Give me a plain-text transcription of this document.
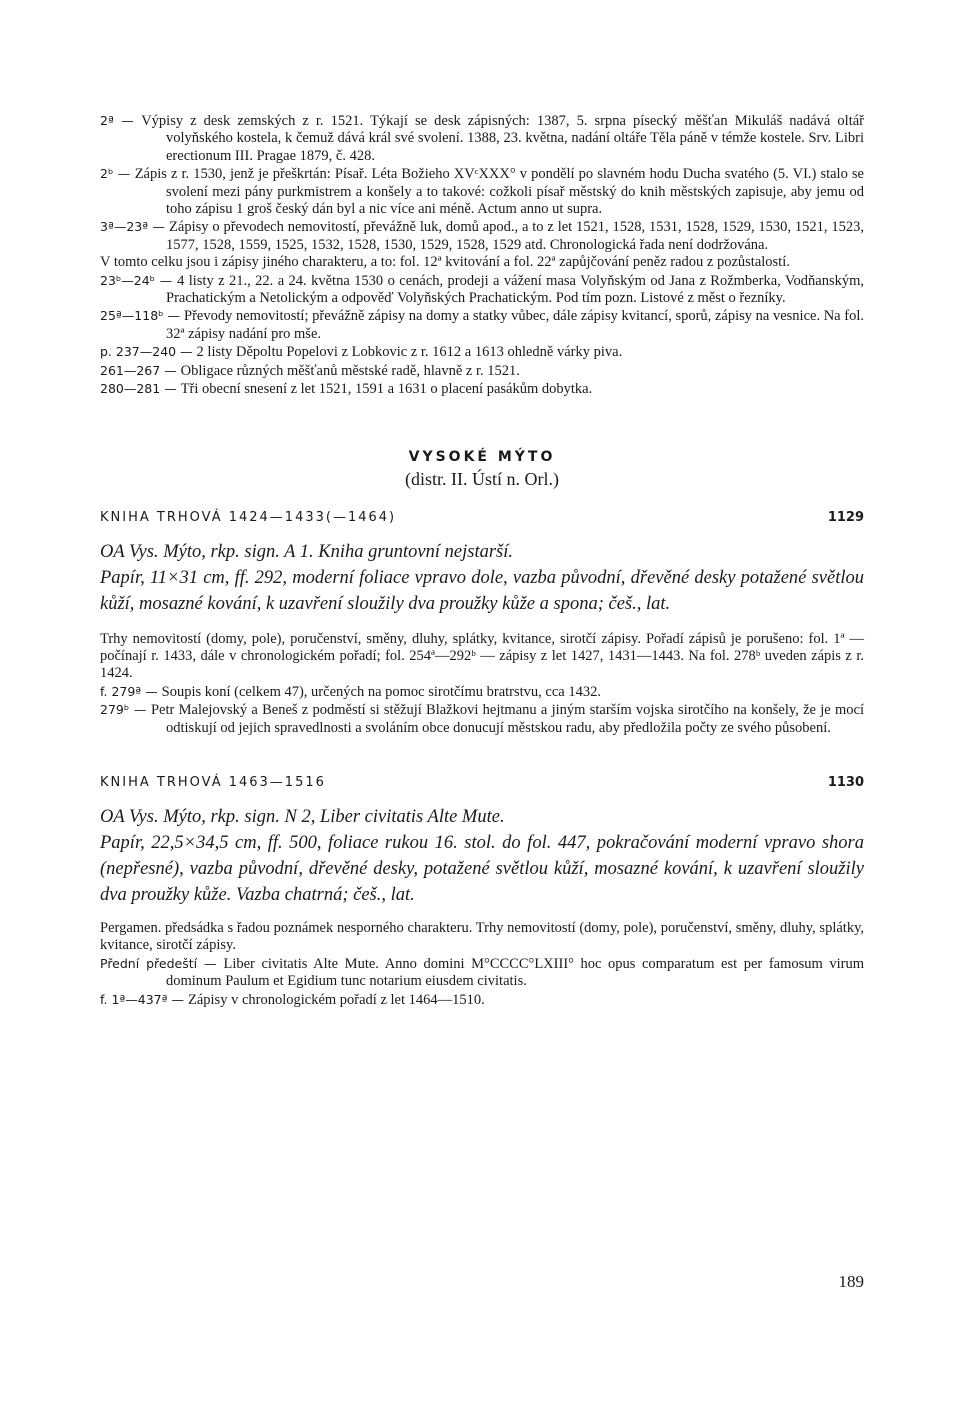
2ª — Výpisy z desk zemských z r. 1521. Týkají se desk zápisných: 1387, 5. srpna písecký měšťan Mikuláš nadává oltář volyňského kostela, k čemuž dává král své svolení. 1388, 23. května, nadání oltáře Těla páně v témže kostele. Srv. Libri erectionum III. Pragae 1879, č. 428.

2ᵇ — Zápis z r. 1530, jenž je přeškrtán: Písař. Léta Božieho XVᶜXXX° v pondělí po slavném hodu Ducha svatého (5. VI.) stalo se svolení mezi pány purkmistrem a konšely a to takové: cožkoli písař městský do knih městských zapisuje, aby jemu od toho zápisu 1 groš český dán byl a nic více ani méně. Actum anno ut supra.

3ª—23ª — Zápisy o převodech nemovitostí, převážně luk, domů apod., a to z let 1521, 1528, 1531, 1528, 1529, 1530, 1521, 1523, 1577, 1528, 1559, 1525, 1532, 1528, 1530, 1529, 1528, 1529 atd. Chronologická řada není dodržována.

V tomto celku jsou i zápisy jiného charakteru, a to: fol. 12ª kvitování a fol. 22ª zapůjčování peněz radou z pozůstalostí.

23ᵇ—24ᵇ — 4 listy z 21., 22. a 24. května 1530 o cenách, prodeji a vážení masa Volyňským od Jana z Rožmberka, Vodňanským, Prachatickým a Netolickým a odpověď Volyňských Prachatickým. Pod tím pozn. Listové z měst o řezníky.

25ª—118ᵇ — Převody nemovitostí; převážně zápisy na domy a statky vůbec, dále zápisy kvitancí, sporů, zápisy na vesnice. Na fol. 32ª zápisy nadání pro mše.

p. 237—240 — 2 listy Děpoltu Popelovi z Lobkovic z r. 1612 a 1613 ohledně várky piva.

261—267 — Obligace různých měšťanů městské radě, hlavně z r. 1521.

280—281 — Tři obecní snesení z let 1521, 1591 a 1631 o placení pasákům dobytka.

VYSOKÉ MÝTO

(distr. II. Ústí n. Orl.)

KNIHA TRHOVÁ 1424—1433(—1464)	1129

OA Vys. Mýto, rkp. sign. A 1. Kniha gruntovní nejstarší.

Papír, 11×31 cm, ff. 292, moderní foliace vpravo dole, vazba původní, dřevěné desky potažené světlou kůží, mosazné kování, k uzavření sloužily dva proužky kůže a spona; češ., lat.

Trhy nemovitostí (domy, pole), poručenství, směny, dluhy, splátky, kvitance, sirotčí zápisy. Pořadí zápisů je porušeno: fol. 1ª — počínají r. 1433, dále v chronologickém pořadí; fol. 254ª—292ᵇ — zápisy z let 1427, 1431—1443. Na fol. 278ᵇ uveden zápis z r. 1424.

f. 279ª — Soupis koní (celkem 47), určených na pomoc sirotčímu bratrstvu, cca 1432.

279ᵇ — Petr Malejovský a Beneš z podměstí si stěžují Blažkovi hejtmanu a jiným starším vojska sirotčího na konšely, že je mocí odtiskují od jejich spravedlnosti a svoláním obce donucují městskou radu, aby předložila počty ze svého působení.

KNIHA TRHOVÁ 1463—1516	1130

OA Vys. Mýto, rkp. sign. N 2, Liber civitatis Alte Mute.

Papír, 22,5×34,5 cm, ff. 500, foliace rukou 16. stol. do fol. 447, pokračování moderní vpravo shora (nepřesné), vazba původní, dřevěné desky, potažené světlou kůží, mosazné kování, k uzavření sloužily dva proužky kůže. Vazba chatrná; češ., lat.

Pergamen. předsádka s řadou poznámek nesporného charakteru. Trhy nemovitostí (domy, pole), poručenství, směny, dluhy, splátky, kvitance, sirotčí zápisy.

Přední předeští — Liber civitatis Alte Mute. Anno domini M°CCCC°LXIII° hoc opus comparatum est per famosum virum dominum Paulum et Egidium tunc notarium eiusdem civitatis.

f. 1ª—437ª — Zápisy v chronologickém pořadí z let 1464—1510.

189
